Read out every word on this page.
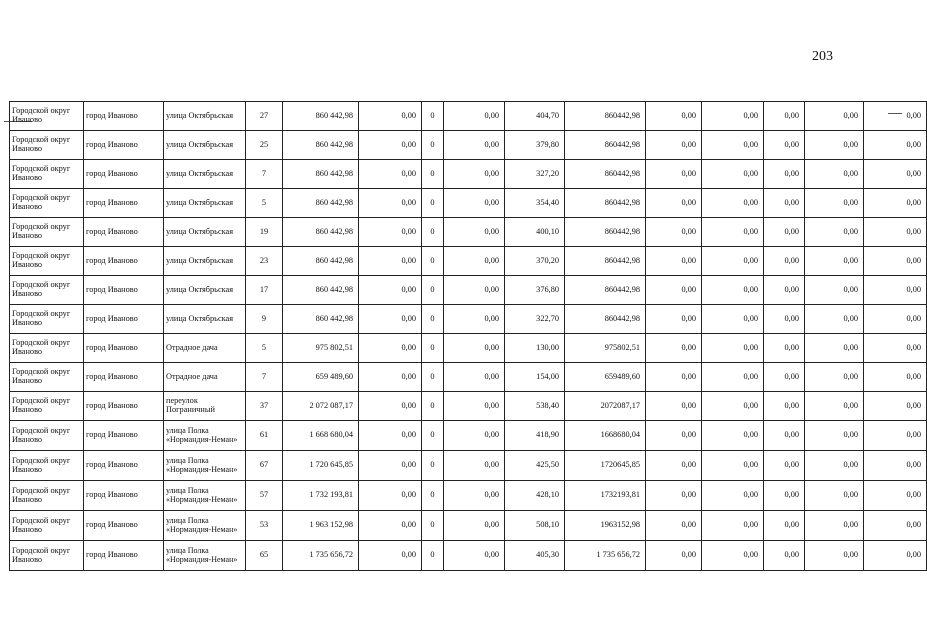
203
Городской округ Иваново	город Иваново	улица Октябрьская	27	860 442,98	0,00	0	0,00	404,70	860442,98	0,00	0,00	0,00	0,00	0,00
Городской округ Иваново	город Иваново	улица Октябрьская	25	860 442,98	0,00	0	0,00	379,80	860442,98	0,00	0,00	0,00	0,00	0,00
Городской округ Иваново	город Иваново	улица Октябрьская	7	860 442,98	0,00	0	0,00	327,20	860442,98	0,00	0,00	0,00	0,00	0,00
Городской округ Иваново	город Иваново	улица Октябрьская	5	860 442,98	0,00	0	0,00	354,40	860442,98	0,00	0,00	0,00	0,00	0,00
Городской округ Иваново	город Иваново	улица Октябрьская	19	860 442,98	0,00	0	0,00	400,10	860442,98	0,00	0,00	0,00	0,00	0,00
Городской округ Иваново	город Иваново	улица Октябрьская	23	860 442,98	0,00	0	0,00	370,20	860442,98	0,00	0,00	0,00	0,00	0,00
Городской округ Иваново	город Иваново	улица Октябрьская	17	860 442,98	0,00	0	0,00	376,80	860442,98	0,00	0,00	0,00	0,00	0,00
Городской округ Иваново	город Иваново	улица Октябрьская	9	860 442,98	0,00	0	0,00	322,70	860442,98	0,00	0,00	0,00	0,00	0,00
Городской округ Иваново	город Иваново	Отрадное дача	5	975 802,51	0,00	0	0,00	130,00	975802,51	0,00	0,00	0,00	0,00	0,00
Городской округ Иваново	город Иваново	Отрадное дача	7	659 489,60	0,00	0	0,00	154,00	659489,60	0,00	0,00	0,00	0,00	0,00
Городской округ Иваново	город Иваново	переулок Пограничный	37	2 072 087,17	0,00	0	0,00	538,40	2072087,17	0,00	0,00	0,00	0,00	0,00
Городской округ Иваново	город Иваново	улица Полка «Нормандия-Неман»	61	1 668 680,04	0,00	0	0,00	418,90	1668680,04	0,00	0,00	0,00	0,00	0,00
Городской округ Иваново	город Иваново	улица Полка «Нормандия-Неман»	67	1 720 645,85	0,00	0	0,00	425,50	1720645,85	0,00	0,00	0,00	0,00	0,00
Городской округ Иваново	город Иваново	улица Полка «Нормандия-Неман»	57	1 732 193,81	0,00	0	0,00	428,10	1732193,81	0,00	0,00	0,00	0,00	0,00
Городской округ Иваново	город Иваново	улица Полка «Нормандия-Неман»	53	1 963 152,98	0,00	0	0,00	508,10	1963152,98	0,00	0,00	0,00	0,00	0,00
Городской округ Иваново	город Иваново	улица Полка «Нормандия-Неман»	65	1 735 656,72	0,00	0	0,00	405,30	1 735 656,72	0,00	0,00	0,00	0,00	0,00
